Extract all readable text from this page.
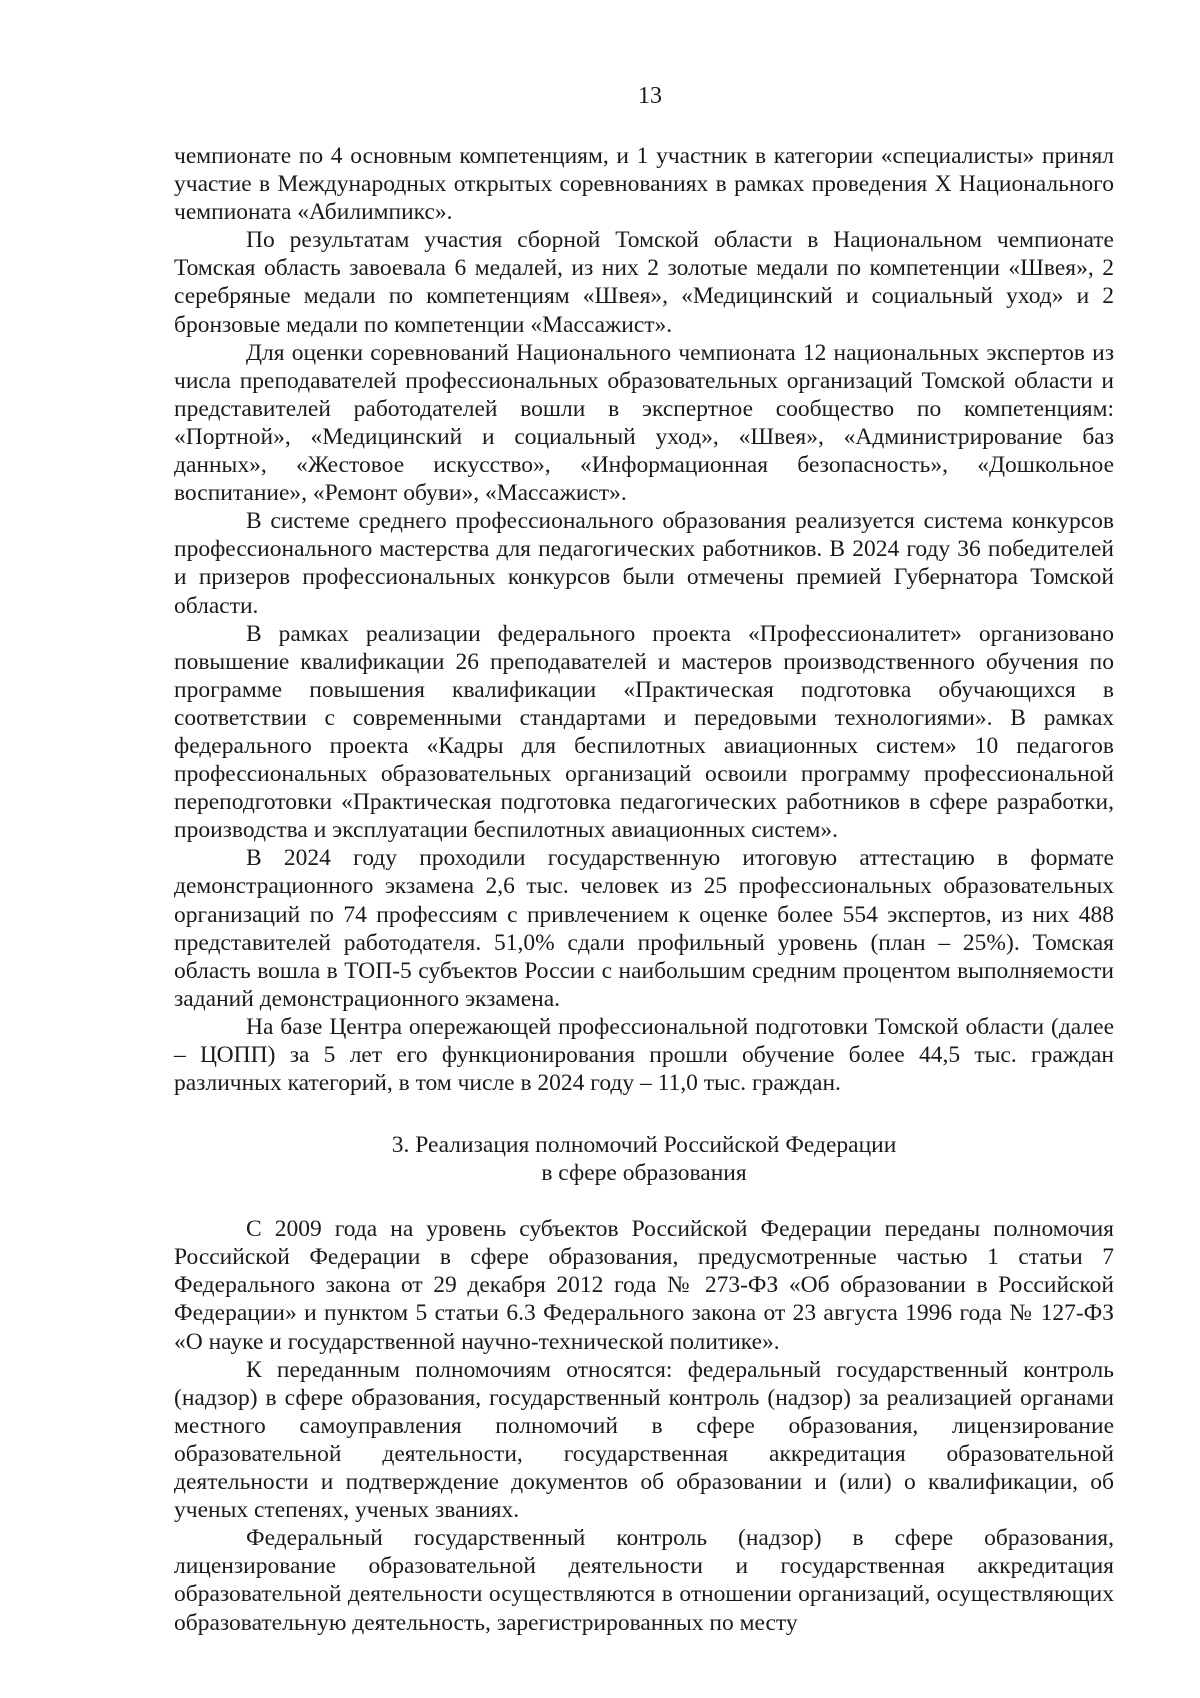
13

чемпионате по 4 основным компетенциям, и 1 участник в категории «специалисты» принял участие в Международных открытых соревнованиях в рамках проведения X Национального чемпионата «Абилимпикс».

По результатам участия сборной Томской области в Национальном чемпионате Томская область завоевала 6 медалей, из них 2 золотые медали по компетенции «Швея», 2 серебряные медали по компетенциям «Швея», «Медицинский и социальный уход» и 2 бронзовые медали по компетенции «Массажист».

Для оценки соревнований Национального чемпионата 12 национальных экспертов из числа преподавателей профессиональных образовательных организаций Томской области и представителей работодателей вошли в экспертное сообщество по компетенциям: «Портной», «Медицинский и социальный уход», «Швея», «Администрирование баз данных», «Жестовое искусство», «Информационная безопасность», «Дошкольное воспитание», «Ремонт обуви», «Массажист».

В системе среднего профессионального образования реализуется система конкурсов профессионального мастерства для педагогических работников. В 2024 году 36 победителей и призеров профессиональных конкурсов были отмечены премией Губернатора Томской области.

В рамках реализации федерального проекта «Профессионалитет» организовано повышение квалификации 26 преподавателей и мастеров производственного обучения по программе повышения квалификации «Практическая подготовка обучающихся в соответствии с современными стандартами и передовыми технологиями». В рамках федерального проекта «Кадры для беспилотных авиационных систем» 10 педагогов профессиональных образовательных организаций освоили программу профессиональной переподготовки «Практическая подготовка педагогических работников в сфере разработки, производства и эксплуатации беспилотных авиационных систем».

В 2024 году проходили государственную итоговую аттестацию в формате демонстрационного экзамена 2,6 тыс. человек из 25 профессиональных образовательных организаций по 74 профессиям с привлечением к оценке более 554 экспертов, из них 488 представителей работодателя. 51,0% сдали профильный уровень (план – 25%). Томская область вошла в ТОП-5 субъектов России с наибольшим средним процентом выполняемости заданий демонстрационного экзамена.

На базе Центра опережающей профессиональной подготовки Томской области (далее – ЦОПП) за 5 лет его функционирования прошли обучение более 44,5 тыс. граждан различных категорий, в том числе в 2024 году – 11,0 тыс. граждан.

3. Реализация полномочий Российской Федерации
в сфере образования

С 2009 года на уровень субъектов Российской Федерации переданы полномочия Российской Федерации в сфере образования, предусмотренные частью 1 статьи 7 Федерального закона от 29 декабря 2012 года № 273-ФЗ «Об образовании в Российской Федерации» и пунктом 5 статьи 6.3 Федерального закона от 23 августа 1996 года № 127-ФЗ «О науке и государственной научно-технической политике».

К переданным полномочиям относятся: федеральный государственный контроль (надзор) в сфере образования, государственный контроль (надзор) за реализацией органами местного самоуправления полномочий в сфере образования, лицензирование образовательной деятельности, государственная аккредитация образовательной деятельности и подтверждение документов об образовании и (или) о квалификации, об ученых степенях, ученых званиях.

Федеральный государственный контроль (надзор) в сфере образования, лицензирование образовательной деятельности и государственная аккредитация образовательной деятельности осуществляются в отношении организаций, осуществляющих образовательную деятельность, зарегистрированных по месту
